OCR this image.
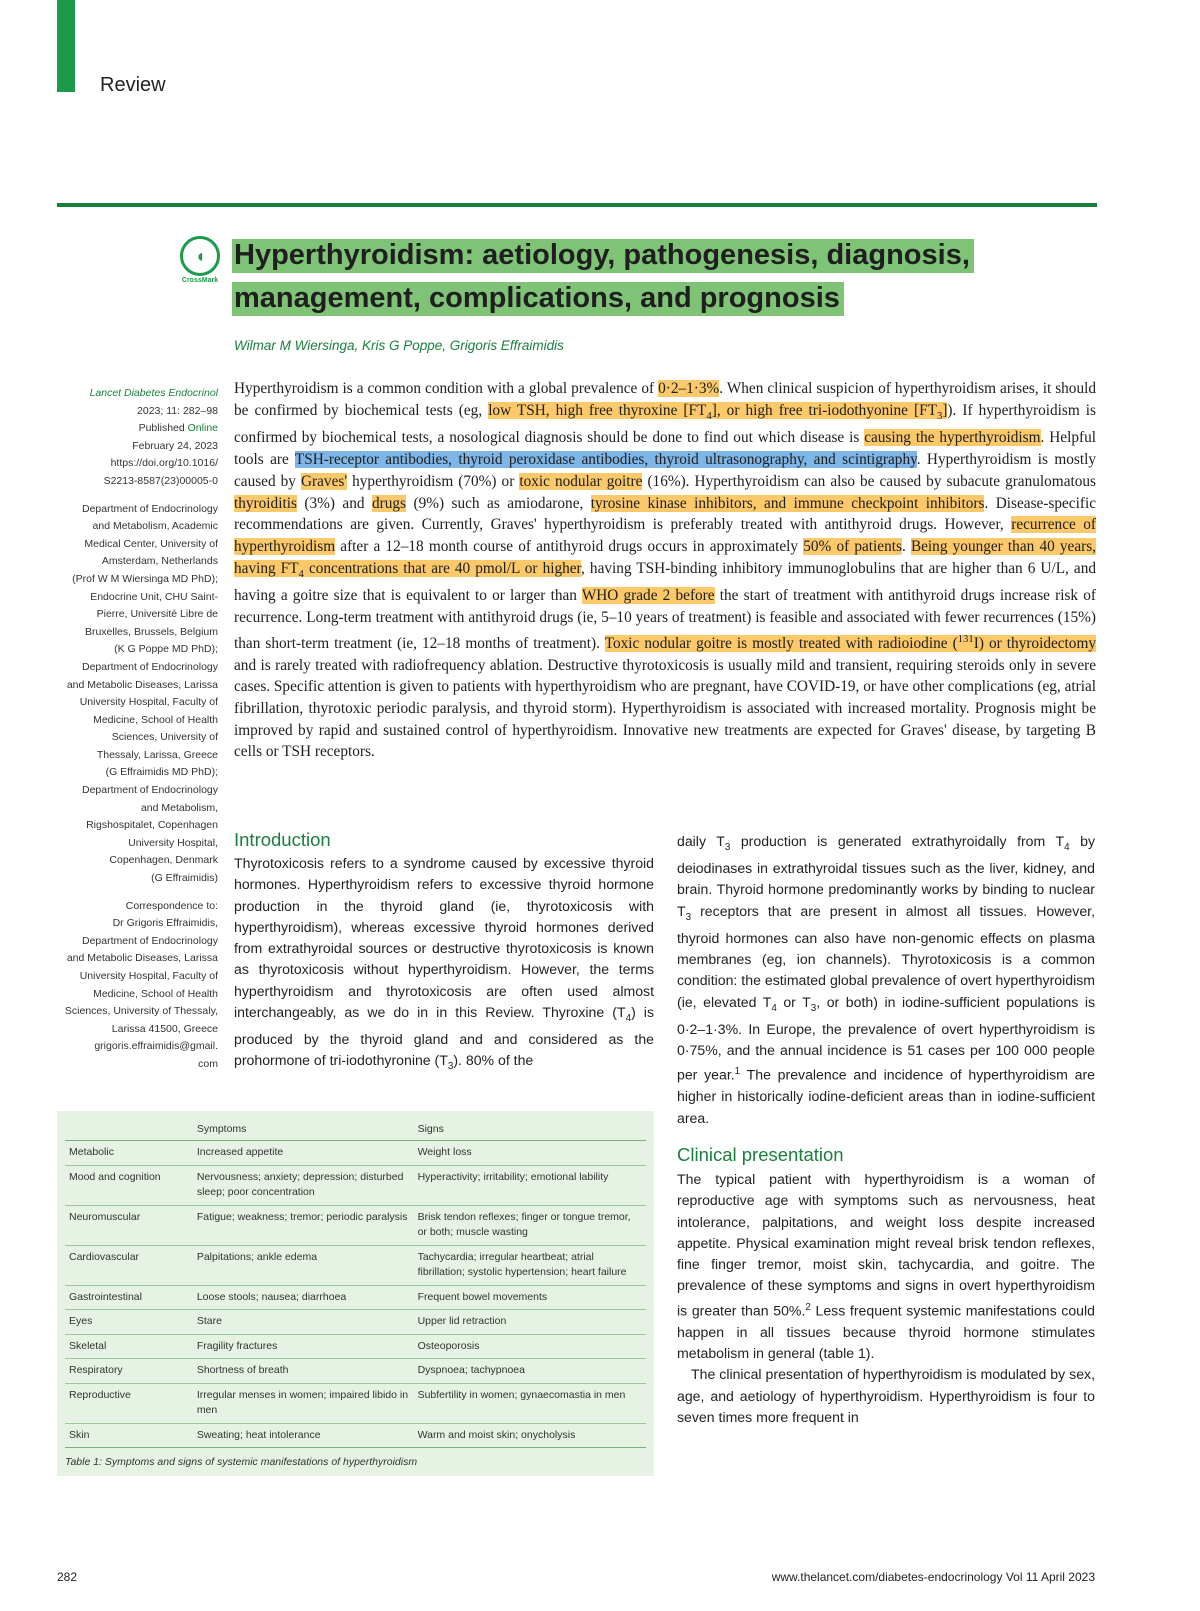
Review
◖
CrossMark
Hyperthyroidism: aetiology, pathogenesis, diagnosis,
management, complications, and prognosis
Wilmar M Wiersinga, Kris G Poppe, Grigoris Effraimidis

Lancet Diabetes Endocrinol

2023; 11: 282–98

Published Online

February 24, 2023

https://doi.org/10.1016/

S2213-8587(23)00005-0

Department of Endocrinology

and Metabolism, Academic

Medical Center, University of

Amsterdam, Netherlands

(Prof W M Wiersinga MD PhD);

Endocrine Unit, CHU Saint-

Pierre, Université Libre de

Bruxelles, Brussels, Belgium

(K G Poppe MD PhD);

Department of Endocrinology

and Metabolic Diseases, Larissa

University Hospital, Faculty of

Medicine, School of Health

Sciences, University of

Thessaly, Larissa, Greece

(G Effraimidis MD PhD);

Department of Endocrinology

and Metabolism,

Rigshospitalet, Copenhagen

University Hospital,

Copenhagen, Denmark

(G Effraimidis)

Correspondence to:

Dr Grigoris Effraimidis,

Department of Endocrinology

and Metabolic Diseases, Larissa

University Hospital, Faculty of

Medicine, School of Health

Sciences, University of Thessaly,

Larissa 41500, Greece

grigoris.effraimidis@gmail.

com

Hyperthyroidism is a common condition with a global prevalence of 0·2–1·3%. When clinical suspicion of hyperthyroidism arises, it should be confirmed by biochemical tests (eg, low TSH, high free thyroxine $[FT_4]$, or high free tri-iodothyonine $[FT_3]$). If hyperthyroidism is confirmed by biochemical tests, a nosological diagnosis should be done to find out which disease is causing the hyperthyroidism. Helpful tools are TSH-receptor antibodies, thyroid peroxidase antibodies, thyroid ultrasonography, and scintigraphy. Hyperthyroidism is mostly caused by Graves' hyperthyroidism (70%) or toxic nodular goitre (16%). Hyperthyroidism can also be caused by subacute granulomatous thyroiditis (3%) and drugs (9%) such as amiodarone, tyrosine kinase inhibitors, and immune checkpoint inhibitors. Disease-specific recommendations are given. Currently, Graves' hyperthyroidism is preferably treated with antithyroid drugs. However, recurrence of hyperthyroidism after a 12–18 month course of antithyroid drugs occurs in approximately 50% of patients. Being younger than 40 years, having $FT_4$ concentrations that are 40 pmol/L or higher, having TSH-binding inhibitory immunoglobulins that are higher than 6 U/L, and having a goitre size that is equivalent to or larger than WHO grade 2 before the start of treatment with antithyroid drugs increase risk of recurrence. Long-term treatment with antithyroid drugs (ie, 5–10 years of treatment) is feasible and associated with fewer recurrences (15%) than short-term treatment (ie, 12–18 months of treatment). Toxic nodular goitre is mostly treated with radioiodine ($^{131}$I) or thyroidectomy and is rarely treated with radiofrequency ablation. Destructive thyrotoxicosis is usually mild and transient, requiring steroids only in severe cases. Specific attention is given to patients with hyperthyroidism who are pregnant, have COVID-19, or have other complications (eg, atrial fibrillation, thyrotoxic periodic paralysis, and thyroid storm). Hyperthyroidism is associated with increased mortality. Prognosis might be improved by rapid and sustained control of hyperthyroidism. Innovative new treatments are expected for Graves' disease, by targeting B cells or TSH receptors.
Introduction

Thyrotoxicosis refers to a syndrome caused by excessive thyroid hormones. Hyperthyroidism refers to excessive thyroid hormone production in the thyroid gland (ie, thyrotoxicosis with hyperthyroidism), whereas excessive thyroid hormones derived from extrathyroidal sources or destructive thyrotoxicosis is known as thyrotoxicosis without hyperthyroidism. However, the terms hyperthyroidism and thyrotoxicosis are often used almost interchangeably, as we do in in this Review. Thyroxine $(T_4)$ is produced by the thyroid gland and and considered as the prohormone of tri-iodothyronine $(T_3)$. 80% of the

daily $T_3$ production is generated extrathyroidally from $T_4$ by deiodinases in extrathyroidal tissues such as the liver, kidney, and brain. Thyroid hormone predominantly works by binding to nuclear $T_3$ receptors that are present in almost all tissues. However, thyroid hormones can also have non-genomic effects on plasma membranes (eg, ion channels). Thyrotoxicosis is a common condition: the estimated global prevalence of overt hyperthyroidism (ie, elevated $T_4$ or $T_3$, or both) in iodine-sufficient populations is 0·2–1·3%. In Europe, the prevalence of overt hyperthyroidism is 0·75%, and the annual incidence is 51 cases per 100 000 people per year.$^1$ The prevalence and incidence of hyperthyroidism are higher in historically iodine-deficient areas than in iodine-sufficient area.

Clinical presentation

The typical patient with hyperthyroidism is a woman of reproductive age with symptoms such as nervousness, heat intolerance, palpitations, and weight loss despite increased appetite. Physical examination might reveal brisk tendon reflexes, fine finger tremor, moist skin, tachycardia, and goitre. The prevalence of these symptoms and signs in overt hyperthyroidism is greater than 50%.$^2$ Less frequent systemic manifestations could happen in all tissues because thyroid hormone stimulates metabolism in general (table 1).

The clinical presentation of hyperthyroidism is modulated by sex, age, and aetiology of hyperthyroidism. Hyperthyroidism is four to seven times more frequent in

	Symptoms	Signs
Metabolic	Increased appetite	Weight loss
Mood and cognition	Nervousness; anxiety; depression; disturbed sleep; poor concentration	Hyperactivity; irritability; emotional lability
Neuromuscular	Fatigue; weakness; tremor; periodic paralysis	Brisk tendon reflexes; finger or tongue tremor, or both; muscle wasting
Cardiovascular	Palpitations; ankle edema	Tachycardia; irregular heartbeat; atrial fibrillation; systolic hypertension; heart failure
Gastrointestinal	Loose stools; nausea; diarrhoea	Frequent bowel movements
Eyes	Stare	Upper lid retraction
Skeletal	Fragility fractures	Osteoporosis
Respiratory	Shortness of breath	Dyspnoea; tachypnoea
Reproductive	Irregular menses in women; impaired libido in men	Subfertility in women; gynaecomastia in men
Skin	Sweating; heat intolerance	Warm and moist skin; onycholysis
Table 1: Symptoms and signs of systemic manifestations of hyperthyroidism
282	www.thelancet.com/diabetes-endocrinology Vol 11 April 2023
